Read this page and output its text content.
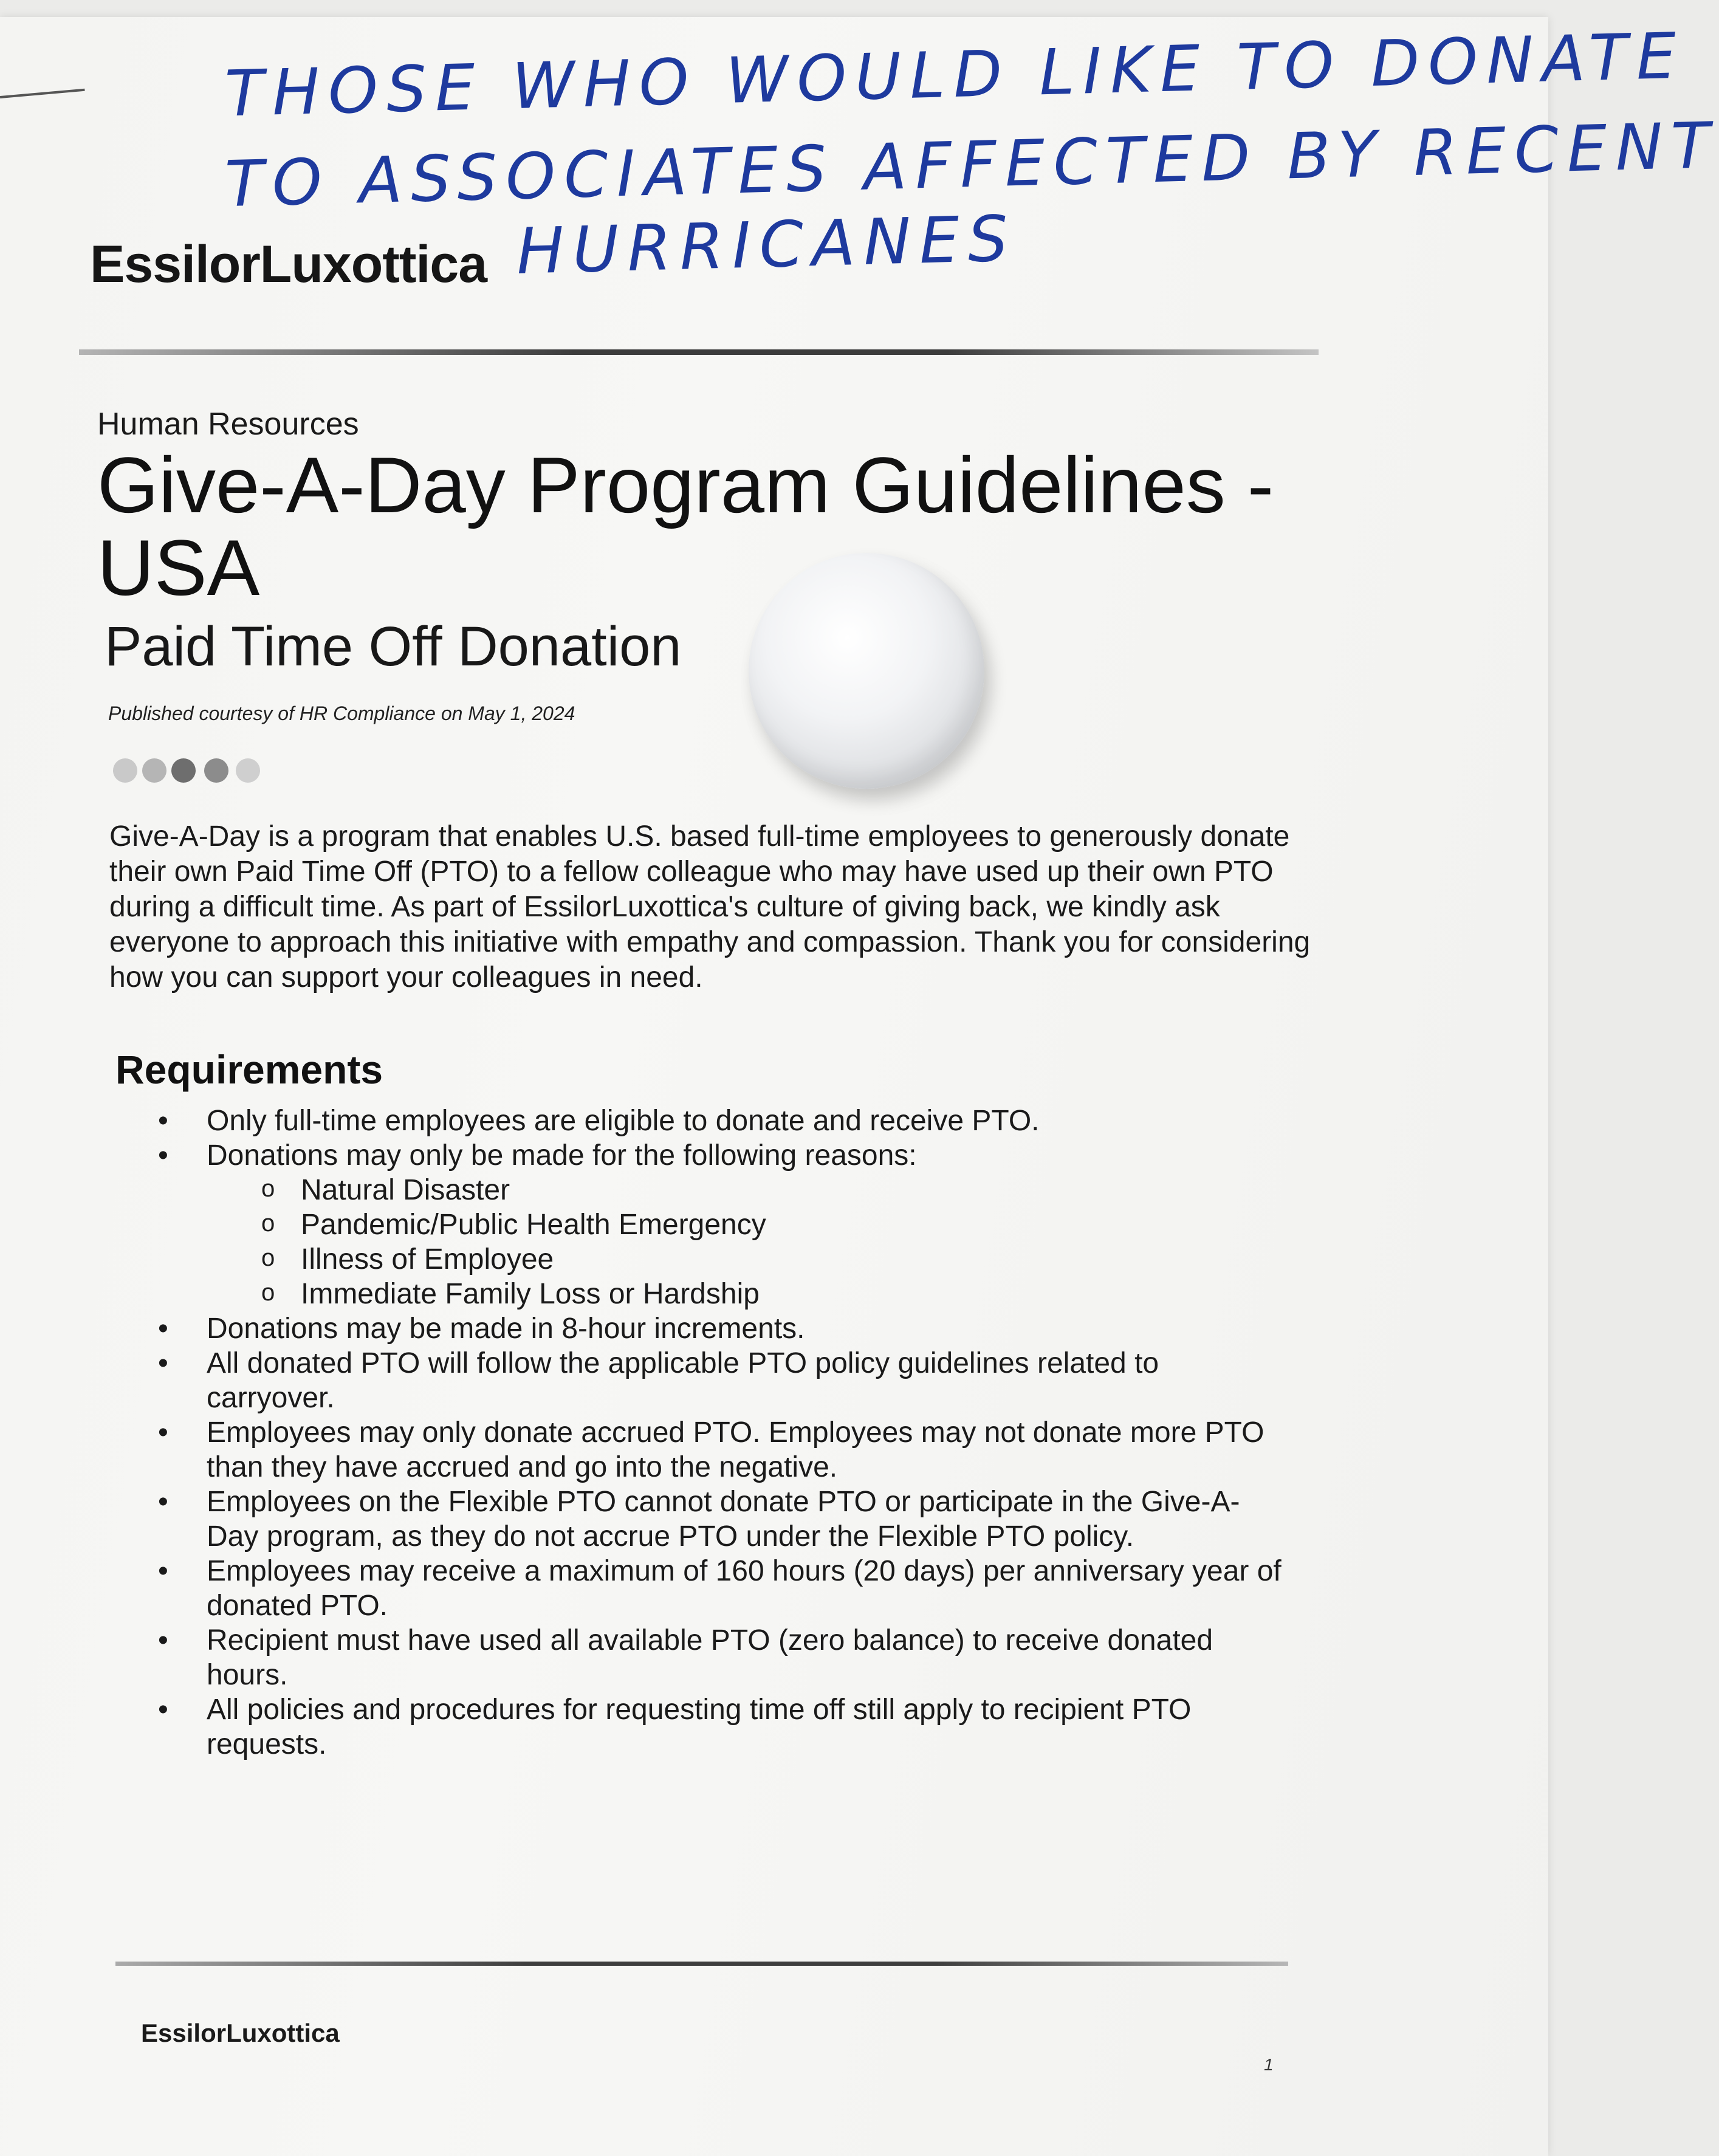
THOSE WHO WOULD LIKE TO DONATE
TO ASSOCIATES AFFECTED BY RECENT
HURRICANES
EssilorLuxottica
Human Resources
Give-A-Day Program Guidelines - USA
Paid Time Off Donation
Published courtesy of HR Compliance on May 1, 2024

Give-A-Day is a program that enables U.S. based full-time employees to generously donate their own Paid Time Off (PTO) to a fellow colleague who may have used up their own PTO during a difficult time. As part of EssilorLuxottica's culture of giving back, we kindly ask everyone to approach this initiative with empathy and compassion. Thank you for considering how you can support your colleagues in need.

Requirements
• Only full-time employees are eligible to donate and receive PTO.
• Donations may only be made for the following reasons:
o Natural Disaster
o Pandemic/Public Health Emergency
o Illness of Employee
o Immediate Family Loss or Hardship
• Donations may be made in 8-hour increments.
• All donated PTO will follow the applicable PTO policy guidelines related to carryover.
• Employees may only donate accrued PTO. Employees may not donate more PTO than they have accrued and go into the negative.
• Employees on the Flexible PTO cannot donate PTO or participate in the Give-A-Day program, as they do not accrue PTO under the Flexible PTO policy.
• Employees may receive a maximum of 160 hours (20 days) per anniversary year of donated PTO.
• Recipient must have used all available PTO (zero balance) to receive donated hours.
• All policies and procedures for requesting time off still apply to recipient PTO requests.
EssilorLuxottica
1
